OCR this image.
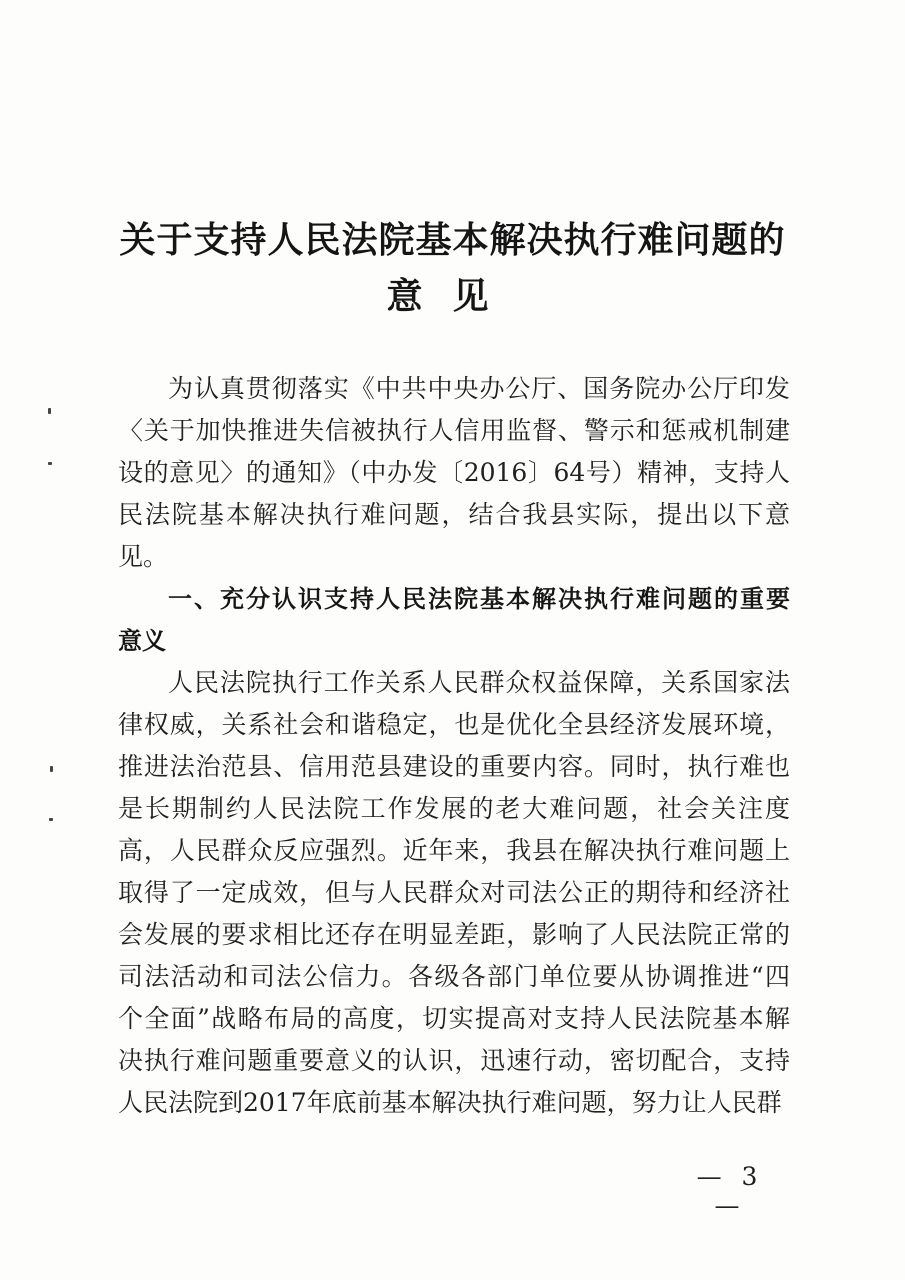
关于支持人民法院基本解决执行难问题的
意见
为认真贯彻落实《中共中央办公厅、国务院办公厅印发
〈关于加快推进失信被执行人信用监督、警示和惩戒机制建
设的意见〉的通知》（中办发〔2016〕64号）精神，支持人
民法院基本解决执行难问题，结合我县实际，提出以下意
见。
一、充分认识支持人民法院基本解决执行难问题的重要
意义
人民法院执行工作关系人民群众权益保障，关系国家法
律权威，关系社会和谐稳定，也是优化全县经济发展环境，
推进法治范县、信用范县建设的重要内容。同时，执行难也
是长期制约人民法院工作发展的老大难问题，社会关注度
高，人民群众反应强烈。近年来，我县在解决执行难问题上
取得了一定成效，但与人民群众对司法公正的期待和经济社
会发展的要求相比还存在明显差距，影响了人民法院正常的
司法活动和司法公信力。各级各部门单位要从协调推进“四
个全面”战略布局的高度，切实提高对支持人民法院基本解
决执行难问题重要意义的认识，迅速行动，密切配合，支持
人民法院到2017年底前基本解决执行难问题，努力让人民群
— 3 —
